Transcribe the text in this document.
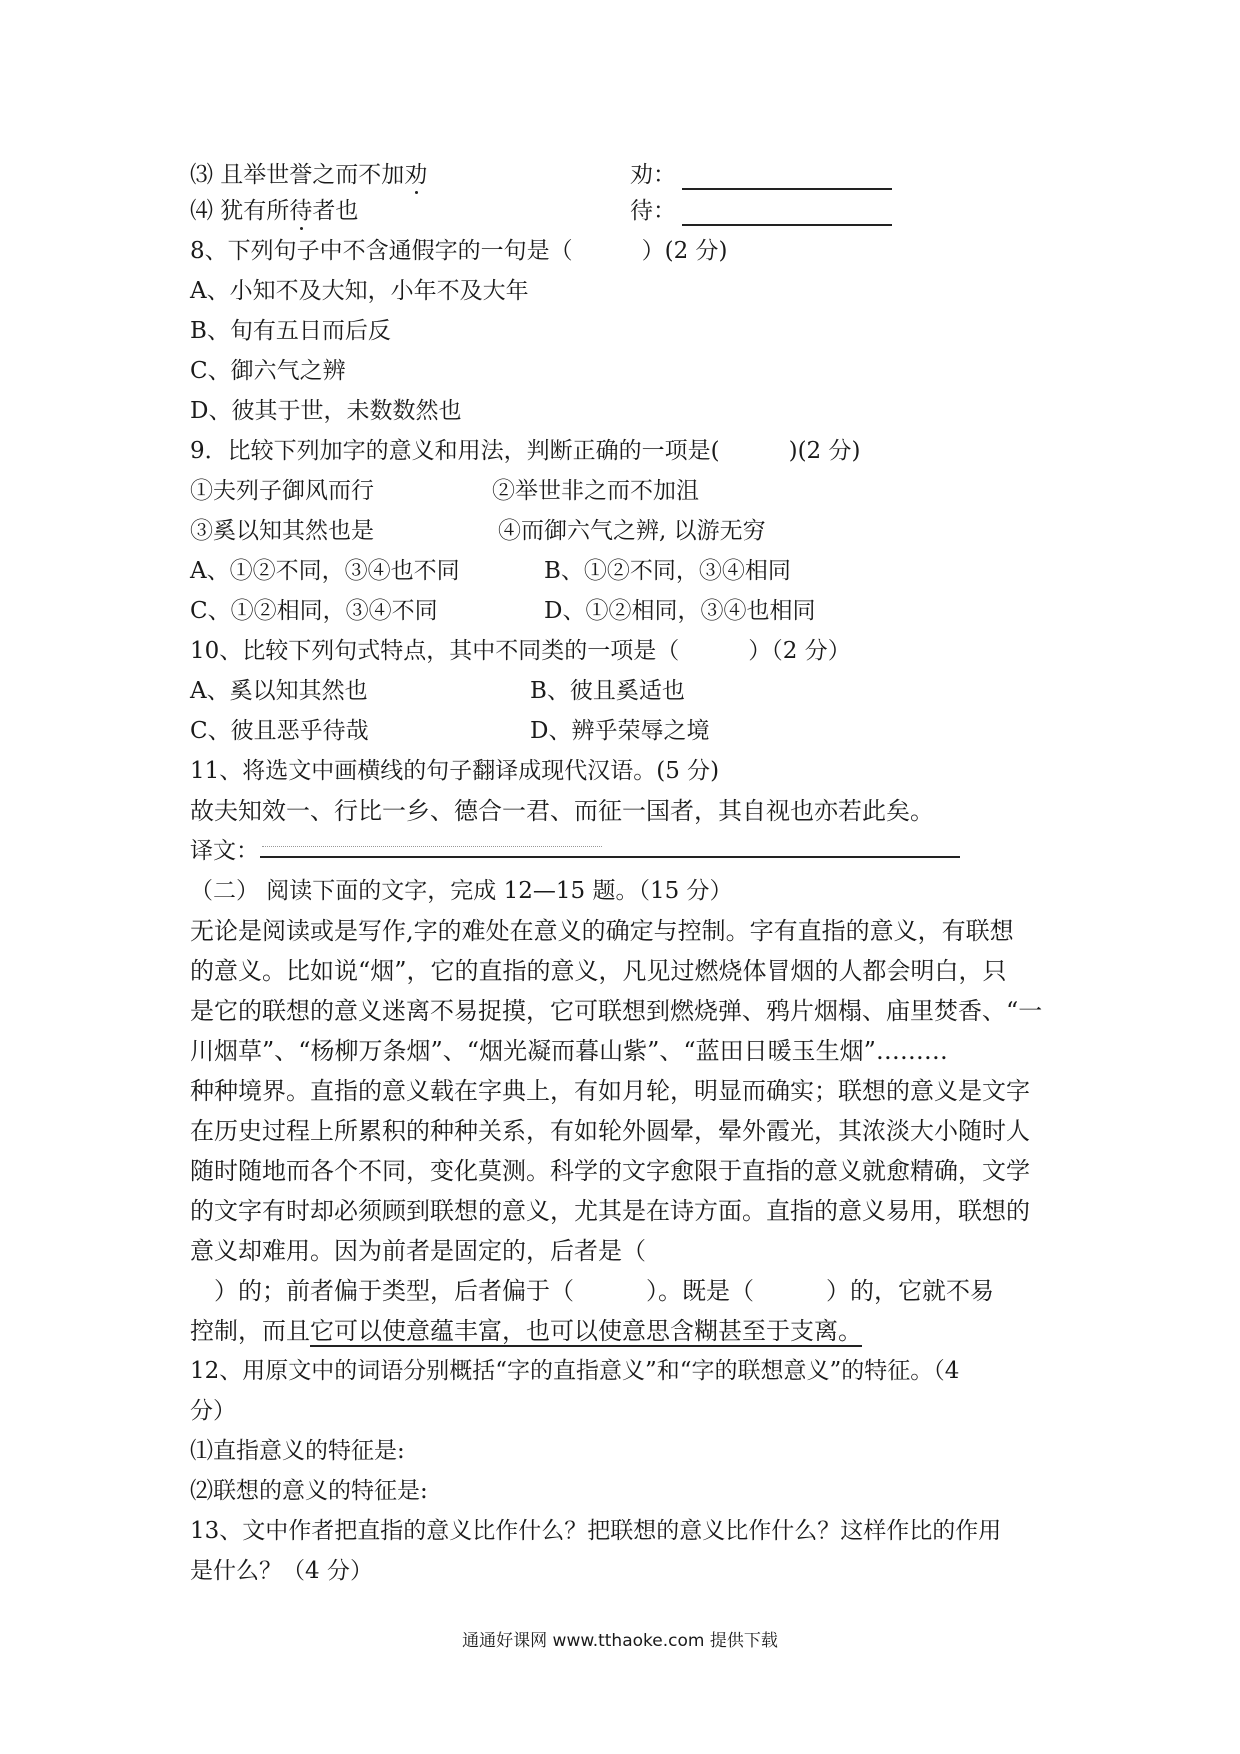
⑶ 且举世誉之而不加劝	劝：
⑷ 犹有所待者也	待：
8、下列句子中不含通假字的一句是（　　　）(2 分)
A、小知不及大知，小年不及大年
B、旬有五日而后反
C、御六气之辨
D、彼其于世，未数数然也
9．比较下列加字的意义和用法，判断正确的一项是(　　　)(2 分)
①夫列子御风而行	②举世非之而不加沮
③奚以知其然也是	④而御六气之辨, 以游无穷
A、①②不同，③④也不同	B、①②不同，③④相同
C、①②相同，③④不同	D、①②相同，③④也相同
10、比较下列句式特点，其中不同类的一项是（　　　）（2 分）
A、奚以知其然也	B、彼且奚适也
C、彼且恶乎待哉	D、辨乎荣辱之境
11、将选文中画横线的句子翻译成现代汉语。(5 分)
故夫知效一、行比一乡、德合一君、而征一国者，其自视也亦若此矣。
译文：
（二） 阅读下面的文字，完成 12—15 题。（15 分）
无论是阅读或是写作,字的难处在意义的确定与控制。字有直指的意义，有联想
的意义。比如说“烟”，它的直指的意义，凡见过燃烧体冒烟的人都会明白，只
是它的联想的意义迷离不易捉摸，它可联想到燃烧弹、鸦片烟榻、庙里焚香、“一
川烟草”、“杨柳万条烟”、“烟光凝而暮山紫”、“蓝田日暖玉生烟”………
种种境界。直指的意义载在字典上，有如月轮，明显而确实；联想的意义是文字
在历史过程上所累积的种种关系，有如轮外圆晕，晕外霞光，其浓淡大小随时人
随时随地而各个不同，变化莫测。科学的文字愈限于直指的意义就愈精确，文学
的文字有时却必须顾到联想的意义，尤其是在诗方面。直指的意义易用，联想的
意义却难用。因为前者是固定的，后者是（
　）的；前者偏于类型，后者偏于（　　　）。既是（　　　）的，它就不易
控制，而且它可以使意蕴丰富，也可以使意思含糊甚至于支离。
12、用原文中的词语分别概括“字的直指意义”和“字的联想意义”的特征。（4
分）
⑴直指意义的特征是:
⑵联想的意义的特征是:
13、文中作者把直指的意义比作什么？把联想的意义比作什么？这样作比的作用
是什么？（4 分）
通通好课网 www.tthaoke.com 提供下载
